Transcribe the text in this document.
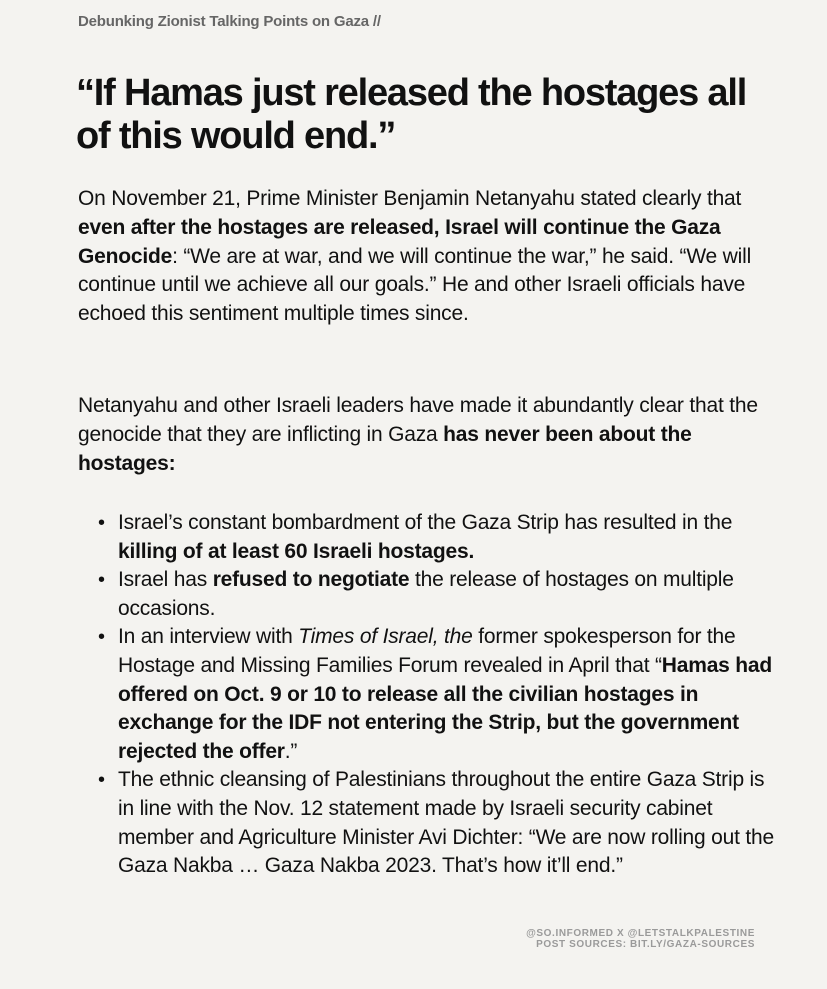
Debunking Zionist Talking Points on Gaza //
“If Hamas just released the hostages all of this would end.”

On November 21, Prime Minister Benjamin Netanyahu stated clearly that even after the hostages are released, Israel will continue the Gaza Genocide: “We are at war, and we will continue the war,” he said. “We will continue until we achieve all our goals.” He and other Israeli officials have echoed this sentiment multiple times since.

Netanyahu and other Israeli leaders have made it abundantly clear that the genocide that they are inflicting in Gaza has never been about the hostages:

• Israel’s constant bombardment of the Gaza Strip has resulted in the killing of at least 60 Israeli hostages.
• Israel has refused to negotiate the release of hostages on multiple occasions.
• In an interview with Times of Israel, the former spokesperson for the Hostage and Missing Families Forum revealed in April that “Hamas had offered on Oct. 9 or 10 to release all the civilian hostages in exchange for the IDF not entering the Strip, but the government rejected the offer.”
• The ethnic cleansing of Palestinians throughout the entire Gaza Strip is in line with the Nov. 12 statement made by Israeli security cabinet member and Agriculture Minister Avi Dichter: “We are now rolling out the Gaza Nakba … Gaza Nakba 2023. That’s how it’ll end.”
@SO.INFORMED X @LETSTALKPALESTINE
POST SOURCES: BIT.LY/GAZA-SOURCES
